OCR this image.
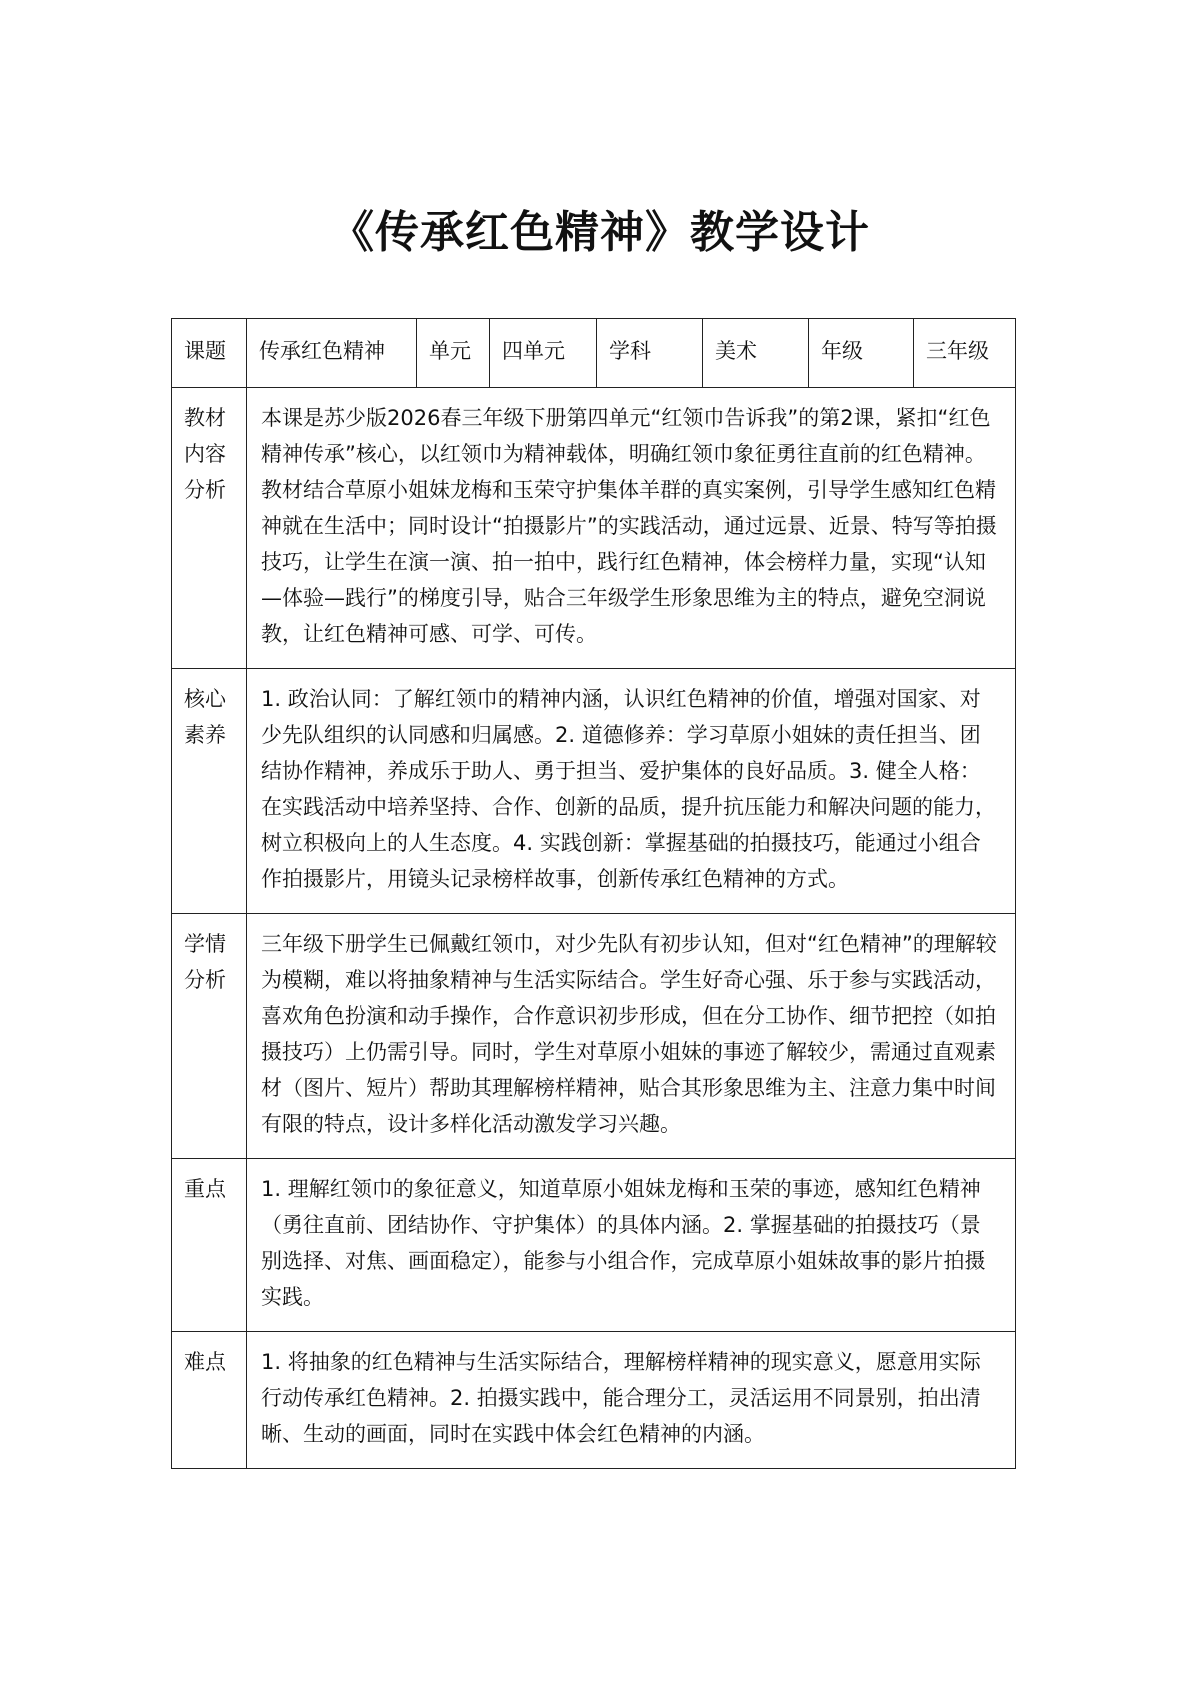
《传承红色精神》教学设计
课题	传承红色精神	单元	四单元	学科	美术	年级	三年级
教材内容分析	本课是苏少版2026春三年级下册第四单元“红领巾告诉我”的第2课，紧扣“红色精神传承”核心，以红领巾为精神载体，明确红领巾象征勇往直前的红色精神。教材结合草原小姐妹龙梅和玉荣守护集体羊群的真实案例，引导学生感知红色精神就在生活中；同时设计“拍摄影片”的实践活动，通过远景、近景、特写等拍摄技巧，让学生在演一演、拍一拍中，践行红色精神，体会榜样力量，实现“认知—体验—践行”的梯度引导，贴合三年级学生形象思维为主的特点，避免空洞说教，让红色精神可感、可学、可传。						
核心素养	1. 政治认同：了解红领巾的精神内涵，认识红色精神的价值，增强对国家、对少先队组织的认同感和归属感。2. 道德修养：学习草原小姐妹的责任担当、团结协作精神，养成乐于助人、勇于担当、爱护集体的良好品质。3. 健全人格：在实践活动中培养坚持、合作、创新的品质，提升抗压能力和解决问题的能力，树立积极向上的人生态度。4. 实践创新：掌握基础的拍摄技巧，能通过小组合作拍摄影片，用镜头记录榜样故事，创新传承红色精神的方式。						
学情分析	三年级下册学生已佩戴红领巾，对少先队有初步认知，但对“红色精神”的理解较为模糊，难以将抽象精神与生活实际结合。学生好奇心强、乐于参与实践活动，喜欢角色扮演和动手操作，合作意识初步形成，但在分工协作、细节把控（如拍摄技巧）上仍需引导。同时，学生对草原小姐妹的事迹了解较少，需通过直观素材（图片、短片）帮助其理解榜样精神，贴合其形象思维为主、注意力集中时间有限的特点，设计多样化活动激发学习兴趣。						
重点	1. 理解红领巾的象征意义，知道草原小姐妹龙梅和玉荣的事迹，感知红色精神（勇往直前、团结协作、守护集体）的具体内涵。2. 掌握基础的拍摄技巧（景别选择、对焦、画面稳定），能参与小组合作，完成草原小姐妹故事的影片拍摄实践。						
难点	1. 将抽象的红色精神与生活实际结合，理解榜样精神的现实意义，愿意用实际行动传承红色精神。2. 拍摄实践中，能合理分工，灵活运用不同景别，拍出清晰、生动的画面，同时在实践中体会红色精神的内涵。						
